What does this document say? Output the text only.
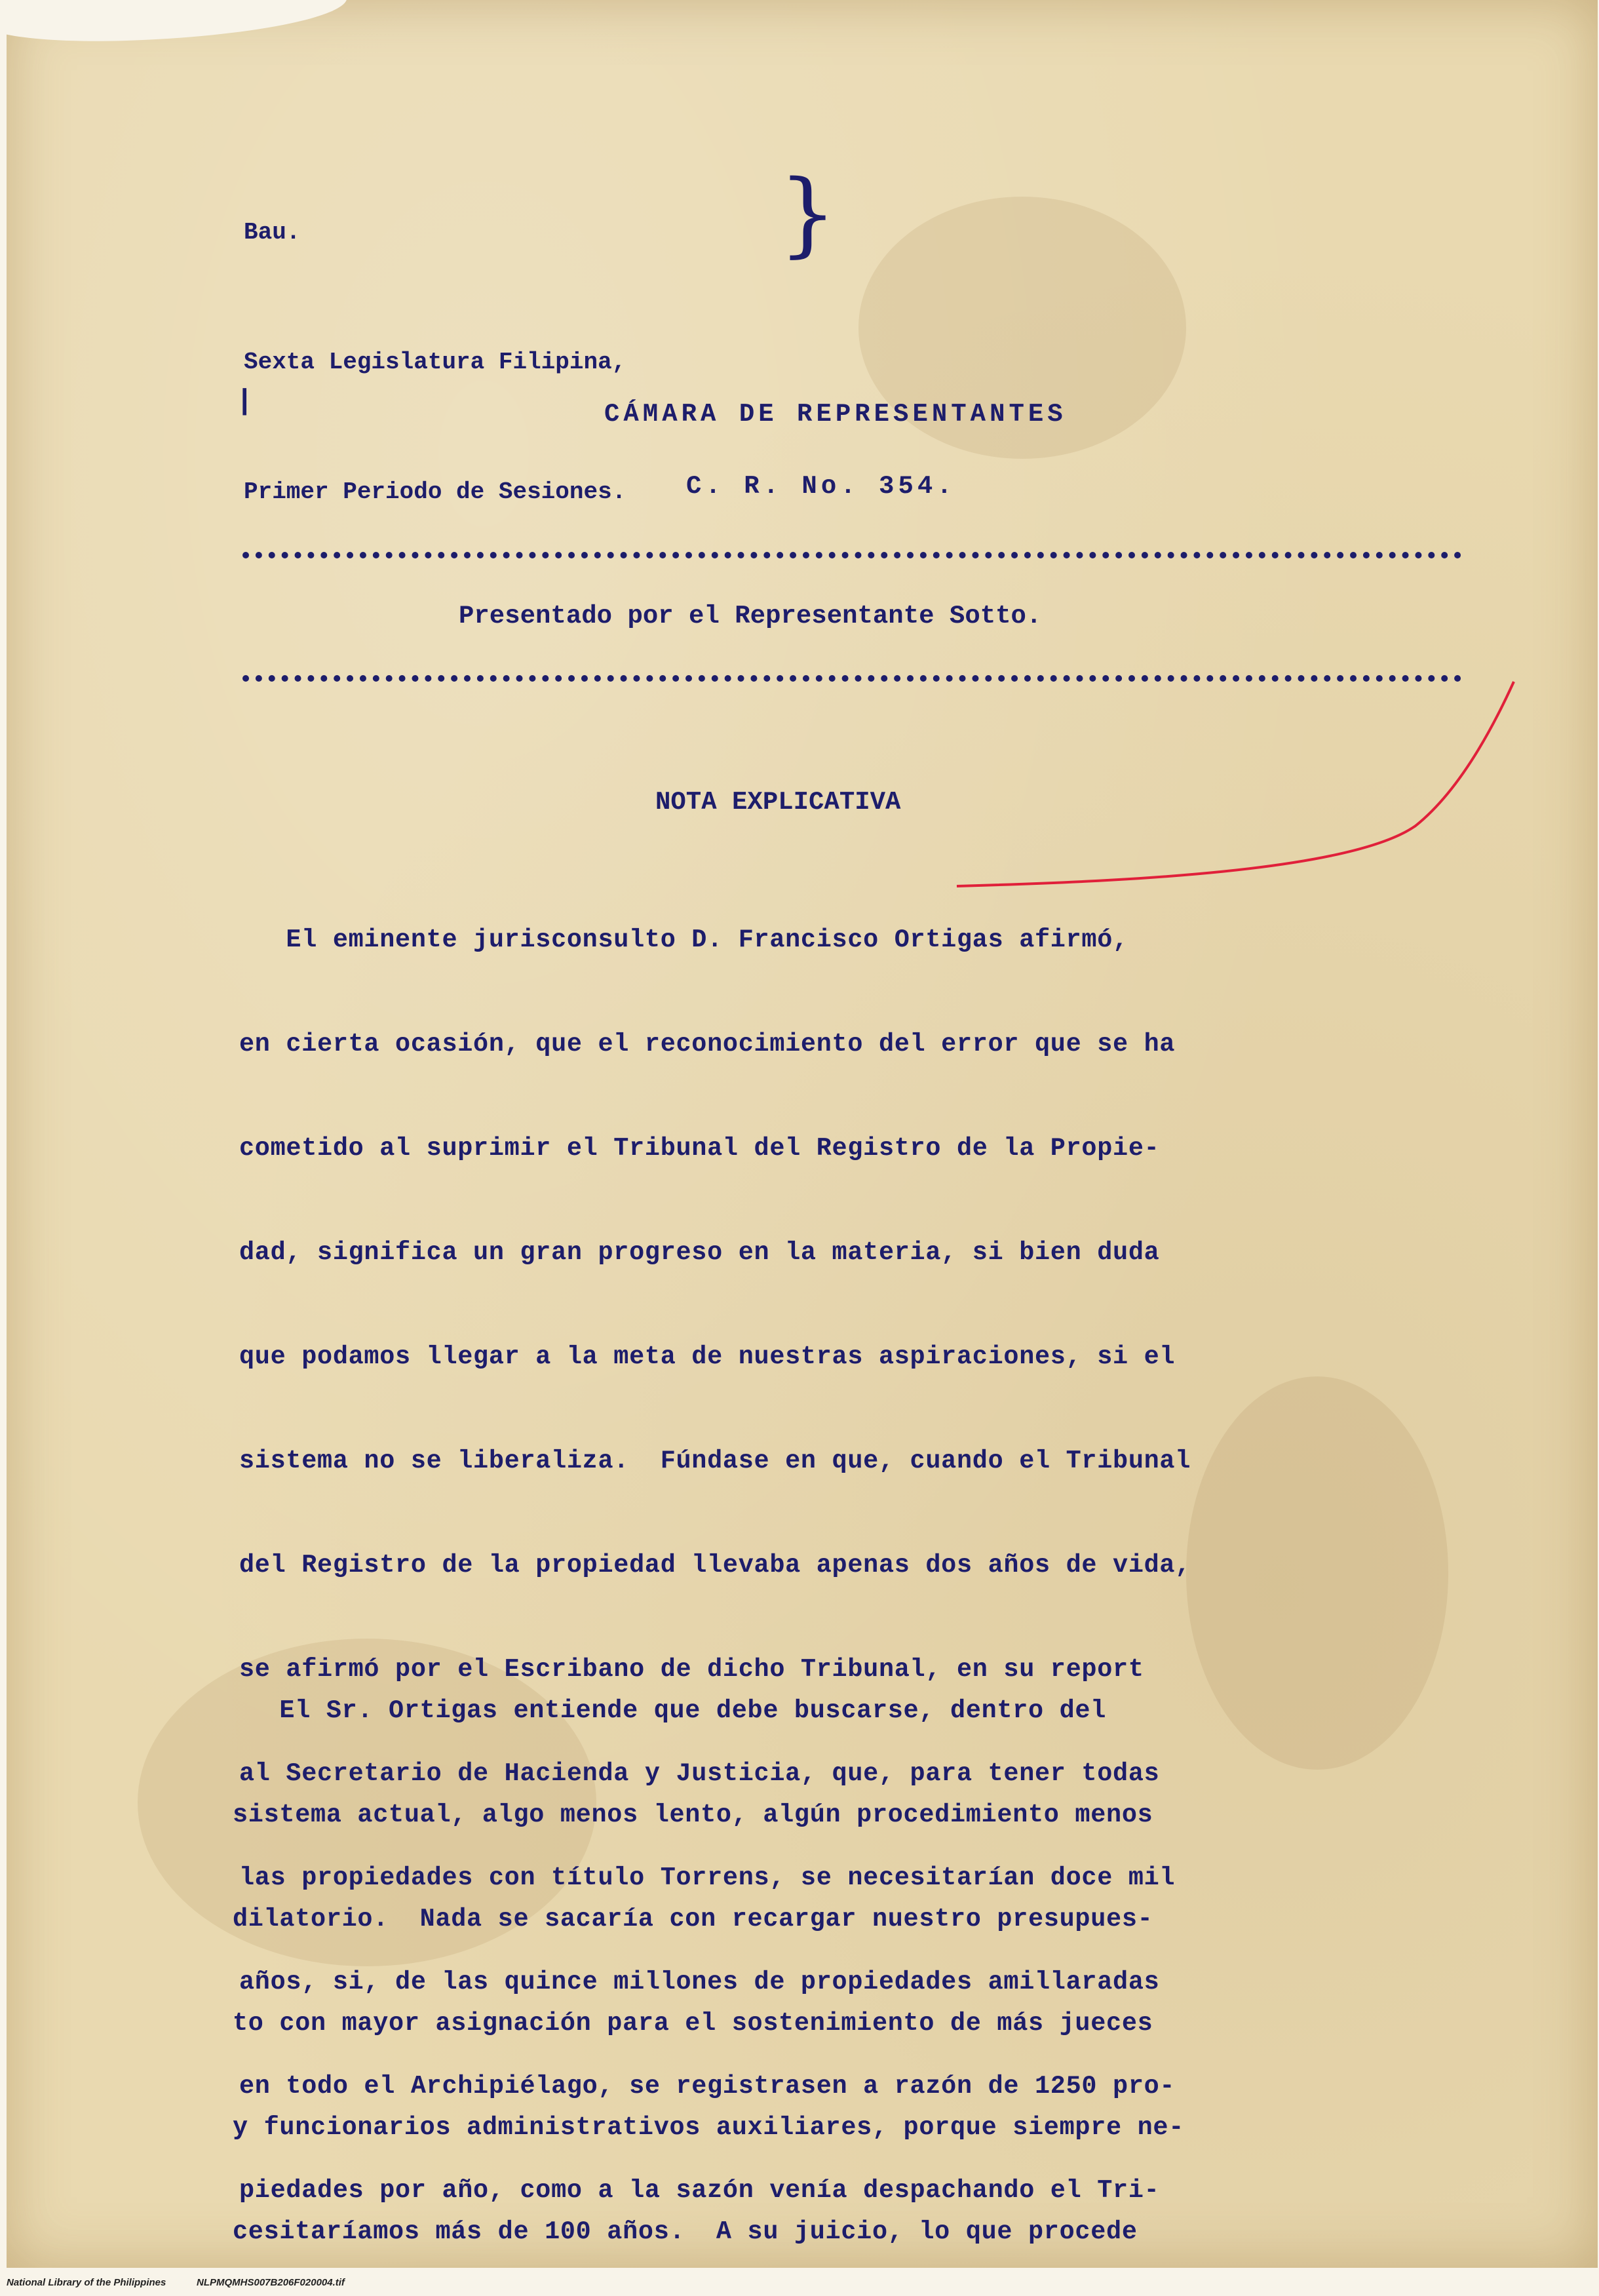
Bau.

Sexta Legislatura Filipina,

Primer Periodo de Sesiones.

}
|	CÁMARA DE REPRESENTANTES
C. R. No. 354.
Presentado por el Representante Sotto.
NOTA EXPLICATIVA

El eminente jurisconsulto D. Francisco Ortigas afirmó,

en cierta ocasión, que el reconocimiento del error que se ha

cometido al suprimir el Tribunal del Registro de la Propie-

dad, significa un gran progreso en la materia, si bien duda

que podamos llegar a la meta de nuestras aspiraciones, si el

sistema no se liberaliza.  Fúndase en que, cuando el Tribunal

del Registro de la propiedad llevaba apenas dos años de vida,

se afirmó por el Escribano de dicho Tribunal, en su report

al Secretario de Hacienda y Justicia, que, para tener todas

las propiedades con título Torrens, se necesitarían doce mil

años, si, de las quince millones de propiedades amillaradas

en todo el Archipiélago, se registrasen a razón de 1250 pro-

piedades por año, como a la sazón venía despachando el Tri-

El Sr. Ortigas entiende que debe buscarse, dentro del

sistema actual, algo menos lento, algún procedimiento menos

dilatorio.  Nada se sacaría con recargar nuestro presupues-

to con mayor asignación para el sostenimiento de más jueces

y funcionarios administrativos auxiliares, porque siempre ne-

cesitaríamos más de 100 años.  A su juicio, lo que procede

National Library of the Philippines	NLPMQMHS007B206F020004.tif
